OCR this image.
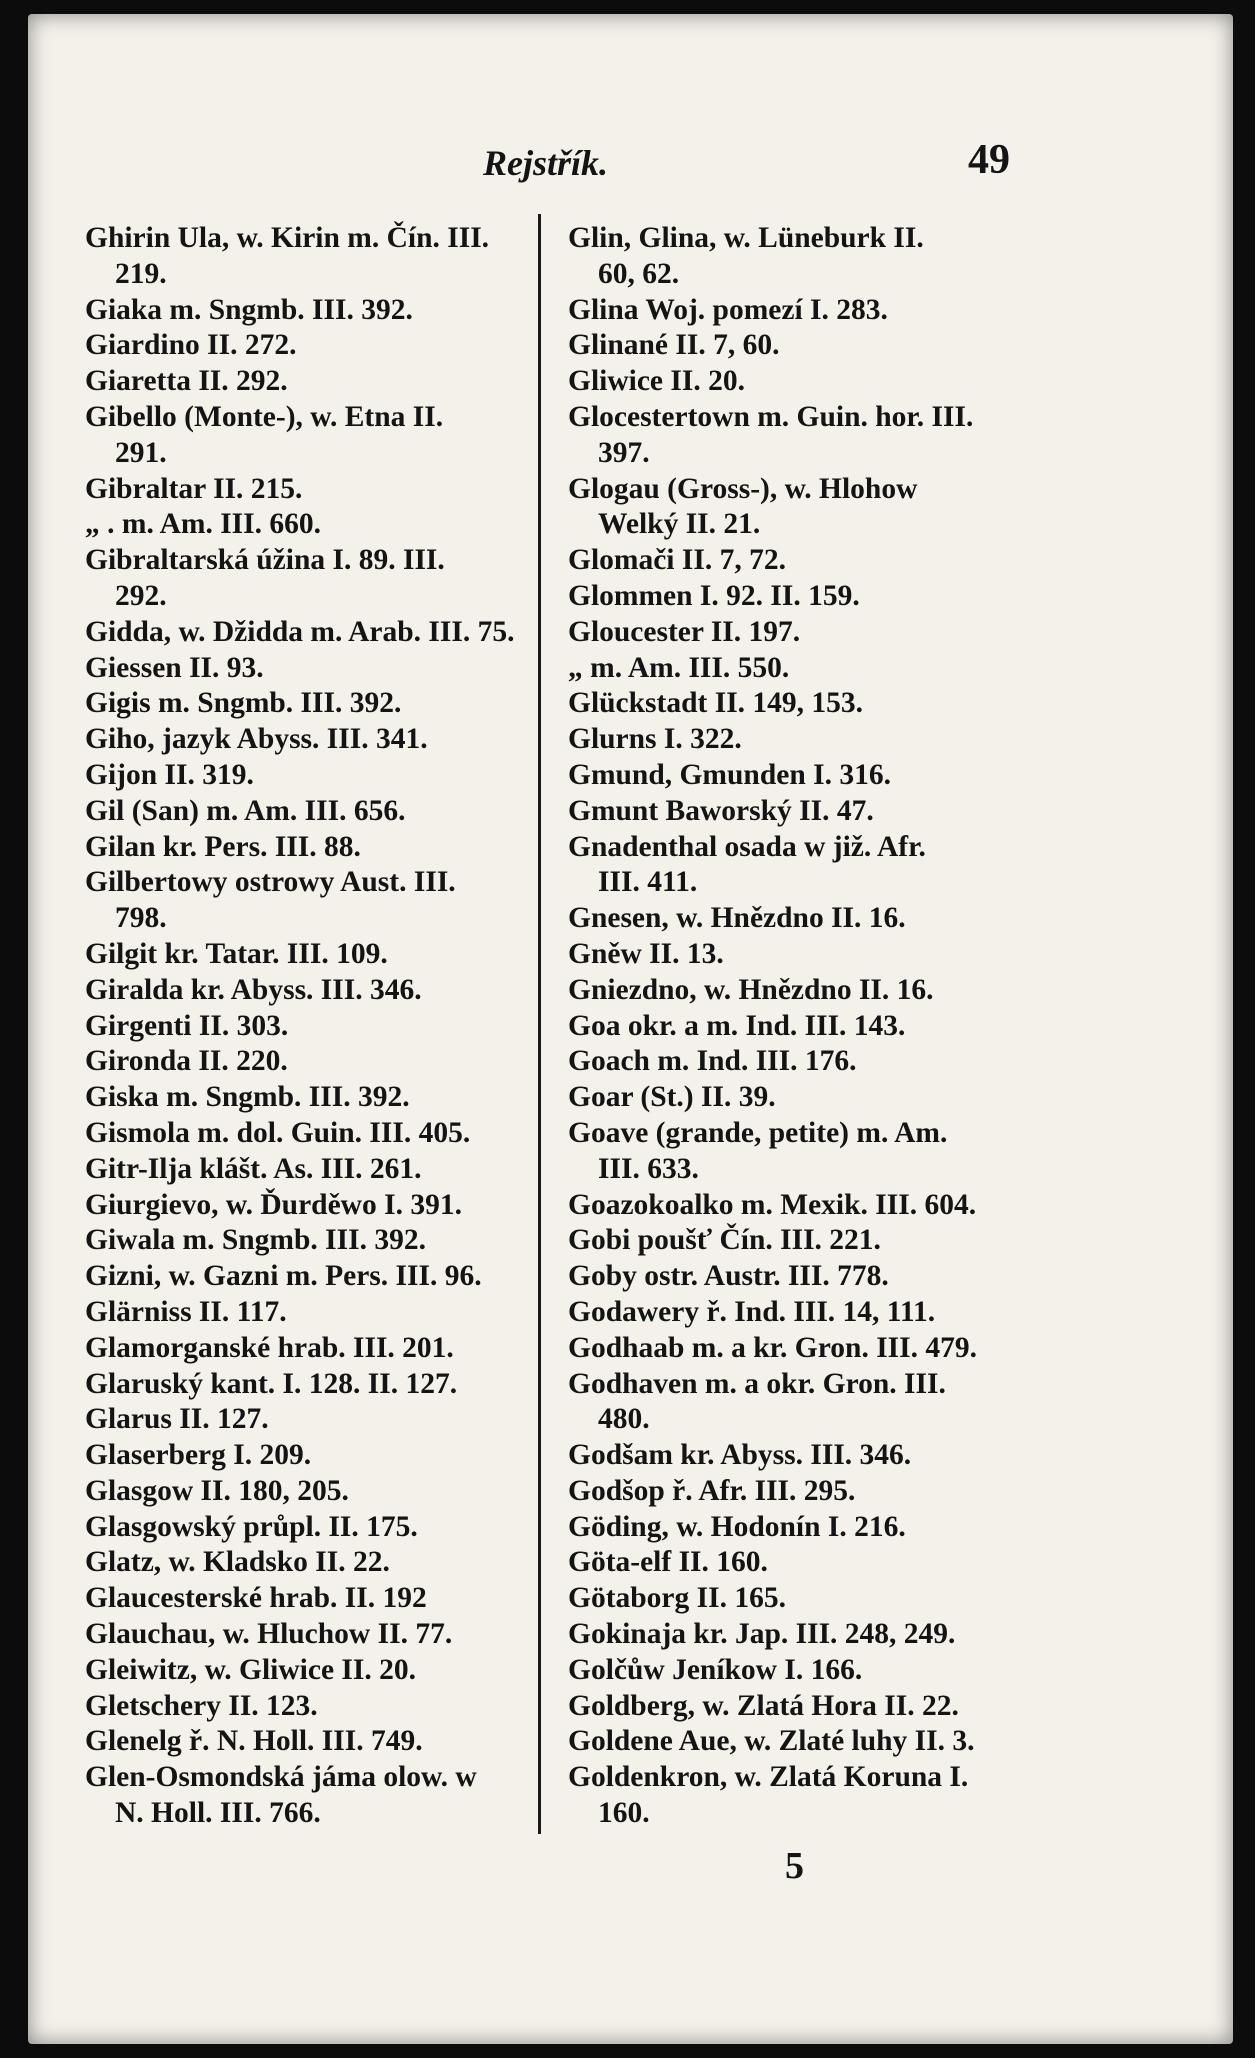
Rejstřík.	49
Ghirin Ula, w. Kirin m. Čín. III.
219.
Giaka m. Sngmb. III. 392.
Giardino II. 272.
Giaretta II. 292.
Gibello (Monte-), w. Etna II.
291.
Gibraltar II. 215.
„ . m. Am. III. 660.
Gibraltarská úžina I. 89. III.
292.
Gidda, w. Džidda m. Arab. III. 75.
Giessen II. 93.
Gigis m. Sngmb. III. 392.
Giho, jazyk Abyss. III. 341.
Gijon II. 319.
Gil (San) m. Am. III. 656.
Gilan kr. Pers. III. 88.
Gilbertowy ostrowy Aust. III.
798.
Gilgit kr. Tatar. III. 109.
Giralda kr. Abyss. III. 346.
Girgenti II. 303.
Gironda II. 220.
Giska m. Sngmb. III. 392.
Gismola m. dol. Guin. III. 405.
Gitr-Ilja klášt. As. III. 261.
Giurgievo, w. Ďurděwo I. 391.
Giwala m. Sngmb. III. 392.
Gizni, w. Gazni m. Pers. III. 96.
Glärniss II. 117.
Glamorganské hrab. III. 201.
Glaruský kant. I. 128. II. 127.
Glarus II. 127.
Glaserberg I. 209.
Glasgow II. 180, 205.
Glasgowský průpl. II. 175.
Glatz, w. Kladsko II. 22.
Glaucesterské hrab. II. 192
Glauchau, w. Hluchow II. 77.
Gleiwitz, w. Gliwice II. 20.
Gletschery II. 123.
Glenelg ř. N. Holl. III. 749.
Glen-Osmondská jáma olow. w
N. Holl. III. 766.
Glin, Glina, w. Lüneburk II.
60, 62.
Glina Woj. pomezí I. 283.
Glinané II. 7, 60.
Gliwice II. 20.
Glocestertown m. Guin. hor. III.
397.
Glogau (Gross-), w. Hlohow
Welký II. 21.
Glomači II. 7, 72.
Glommen I. 92. II. 159.
Gloucester II. 197.
„ m. Am. III. 550.
Glückstadt II. 149, 153.
Glurns I. 322.
Gmund, Gmunden I. 316.
Gmunt Baworský II. 47.
Gnadenthal osada w již. Afr.
III. 411.
Gnesen, w. Hnězdno II. 16.
Gněw II. 13.
Gniezdno, w. Hnězdno II. 16.
Goa okr. a m. Ind. III. 143.
Goach m. Ind. III. 176.
Goar (St.) II. 39.
Goave (grande, petite) m. Am.
III. 633.
Goazokoalko m. Mexik. III. 604.
Gobi poušť Čín. III. 221.
Goby ostr. Austr. III. 778.
Godawery ř. Ind. III. 14, 111.
Godhaab m. a kr. Gron. III. 479.
Godhaven m. a okr. Gron. III.
480.
Godšam kr. Abyss. III. 346.
Godšop ř. Afr. III. 295.
Göding, w. Hodonín I. 216.
Göta-elf II. 160.
Götaborg II. 165.
Gokinaja kr. Jap. III. 248, 249.
Golčůw Jeníkow I. 166.
Goldberg, w. Zlatá Hora II. 22.
Goldene Aue, w. Zlaté luhy II. 3.
Goldenkron, w. Zlatá Koruna I.
160.
5
